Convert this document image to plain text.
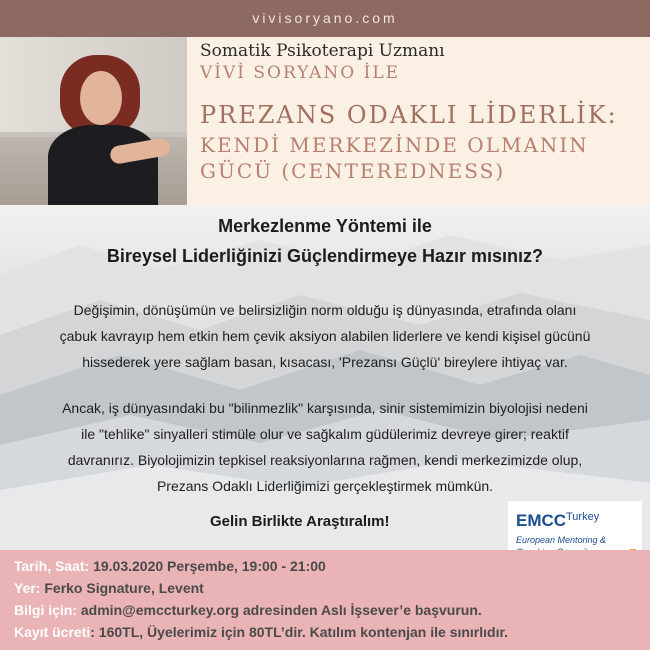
vivisoryano.com
Somatik Psikoterapi Uzmanı
VİVİ SORYANO İLE
PREZANS ODAKLI LİDERLİK:
KENDİ MERKEZİNDE OLMANIN
GÜCÜ (CENTEREDNESS)
Merkezlenme Yöntemi ile
Bireysel Liderliğinizi Güçlendirmeye Hazır mısınız?
Değişimin, dönüşümün ve belirsizliğin norm olduğu iş dünyasında, etrafında olanı
çabuk kavrayıp hem etkin hem çevik aksiyon alabilen liderlere ve kendi kişisel gücünü
hissederek yere sağlam basan, kısacası, 'Prezansı Güçlü' bireylere ihtiyaç var.
Ancak, iş dünyasındaki bu "bilinmezlik" karşısında, sinir sistemimizin biyolojisi nedeni
ile "tehlike" sinyalleri stimüle olur ve sağkalım güdülerimiz devreye girer; reaktif
davranırız. Biyolojimizin tepkisel reaksiyonlarına rağmen, kendi merkezimizde olup,
Prezans Odaklı Liderliğimizi gerçekleştirmek mümkün.
Gelin Birlikte Araştıralım!	EMCC Turkey
European Mentoring &
Tarih, Saat: 19.03.2020 Perşembe, 19:00 - 21:00
Yer: Ferko Signature, Levent
Bilgi için: admin@emccturkey.org adresinden Aslı İşsever’e başvurun.
Kayıt ücreti: 160TL, Üyelerimiz için 80TL’dir. Katılım kontenjan ile sınırlıdır.
